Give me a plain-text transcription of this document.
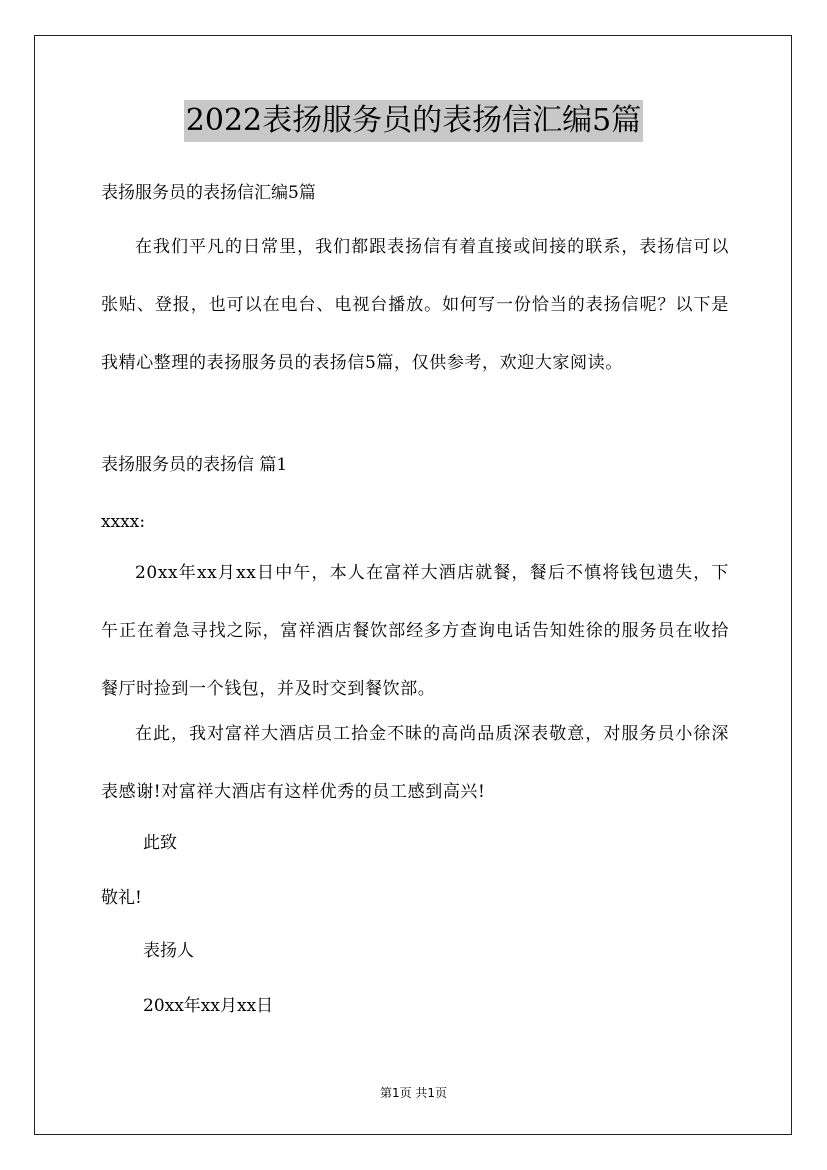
2022表扬服务员的表扬信汇编5篇

表扬服务员的表扬信汇编5篇

在我们平凡的日常里，我们都跟表扬信有着直接或间接的联系，表扬信可以张贴、登报，也可以在电台、电视台播放。如何写一份恰当的表扬信呢？以下是我精心整理的表扬服务员的表扬信5篇，仅供参考，欢迎大家阅读。

表扬服务员的表扬信 篇1

xxxx:

20xx年xx月xx日中午，本人在富祥大酒店就餐，餐后不慎将钱包遗失，下午正在着急寻找之际，富祥酒店餐饮部经多方查询电话告知姓徐的服务员在收拾餐厅时捡到一个钱包，并及时交到餐饮部。

在此，我对富祥大酒店员工拾金不昧的高尚品质深表敬意，对服务员小徐深表感谢!对富祥大酒店有这样优秀的员工感到高兴!

此致

敬礼!

表扬人

20xx年xx月xx日

第1页 共1页
